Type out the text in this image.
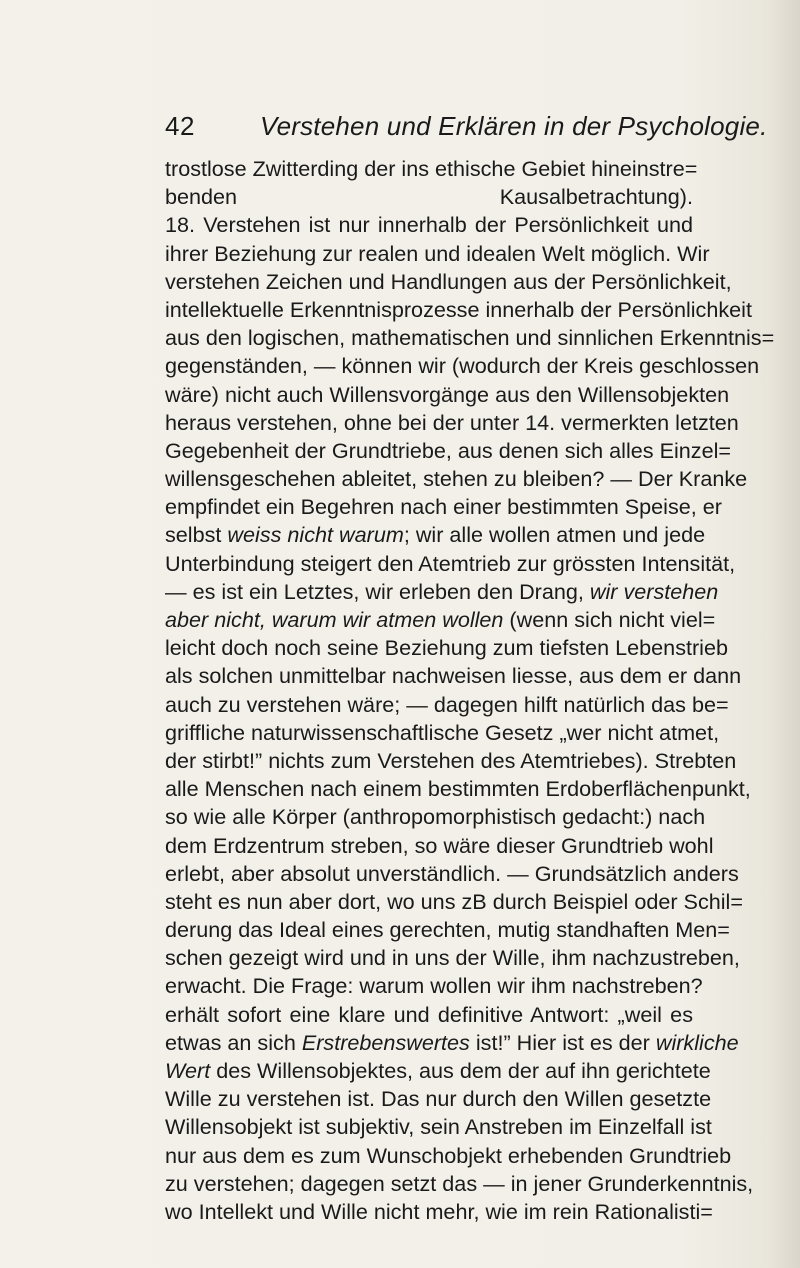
42	Verstehen und Erklären in der Psychologie.
trostlose Zwitterding der ins ethische Gebiet hineinstre=
benden Kausalbetrachtung).
18. Verstehen ist nur innerhalb der Persönlichkeit und
ihrer Beziehung zur realen und idealen Welt möglich. Wir
verstehen Zeichen und Handlungen aus der Persönlichkeit,
intellektuelle Erkenntnisprozesse innerhalb der Persönlichkeit
aus den logischen, mathematischen und sinnlichen Erkenntnis=
gegenständen, — können wir (wodurch der Kreis geschlossen
wäre) nicht auch Willensvorgänge aus den Willensobjekten
heraus verstehen, ohne bei der unter 14. vermerkten letzten
Gegebenheit der Grundtriebe, aus denen sich alles Einzel=
willensgeschehen ableitet, stehen zu bleiben? — Der Kranke
empfindet ein Begehren nach einer bestimmten Speise, er
selbst weiss nicht warum; wir alle wollen atmen und jede
Unterbindung steigert den Atemtrieb zur grössten Intensität,
— es ist ein Letztes, wir erleben den Drang, wir verstehen
aber nicht, warum wir atmen wollen (wenn sich nicht viel=
leicht doch noch seine Beziehung zum tiefsten Lebenstrieb
als solchen unmittelbar nachweisen liesse, aus dem er dann
auch zu verstehen wäre; — dagegen hilft natürlich das be=
griffliche naturwissenschaftlische Gesetz „wer nicht atmet,
der stirbt!” nichts zum Verstehen des Atemtriebes). Strebten
alle Menschen nach einem bestimmten Erdoberflächenpunkt,
so wie alle Körper (anthropomorphistisch gedacht:) nach
dem Erdzentrum streben, so wäre dieser Grundtrieb wohl
erlebt, aber absolut unverständlich. — Grundsätzlich anders
steht es nun aber dort, wo uns zB durch Beispiel oder Schil=
derung das Ideal eines gerechten, mutig standhaften Men=
schen gezeigt wird und in uns der Wille, ihm nachzustreben,
erwacht. Die Frage: warum wollen wir ihm nachstreben?
erhält sofort eine klare und definitive Antwort: „weil es
etwas an sich Erstrebenswertes ist!” Hier ist es der wirkliche
Wert des Willensobjektes, aus dem der auf ihn gerichtete
Wille zu verstehen ist. Das nur durch den Willen gesetzte
Willensobjekt ist subjektiv, sein Anstreben im Einzelfall ist
nur aus dem es zum Wunschobjekt erhebenden Grundtrieb
zu verstehen; dagegen setzt das — in jener Grunderkenntnis,
wo Intellekt und Wille nicht mehr, wie im rein Rationalisti=
